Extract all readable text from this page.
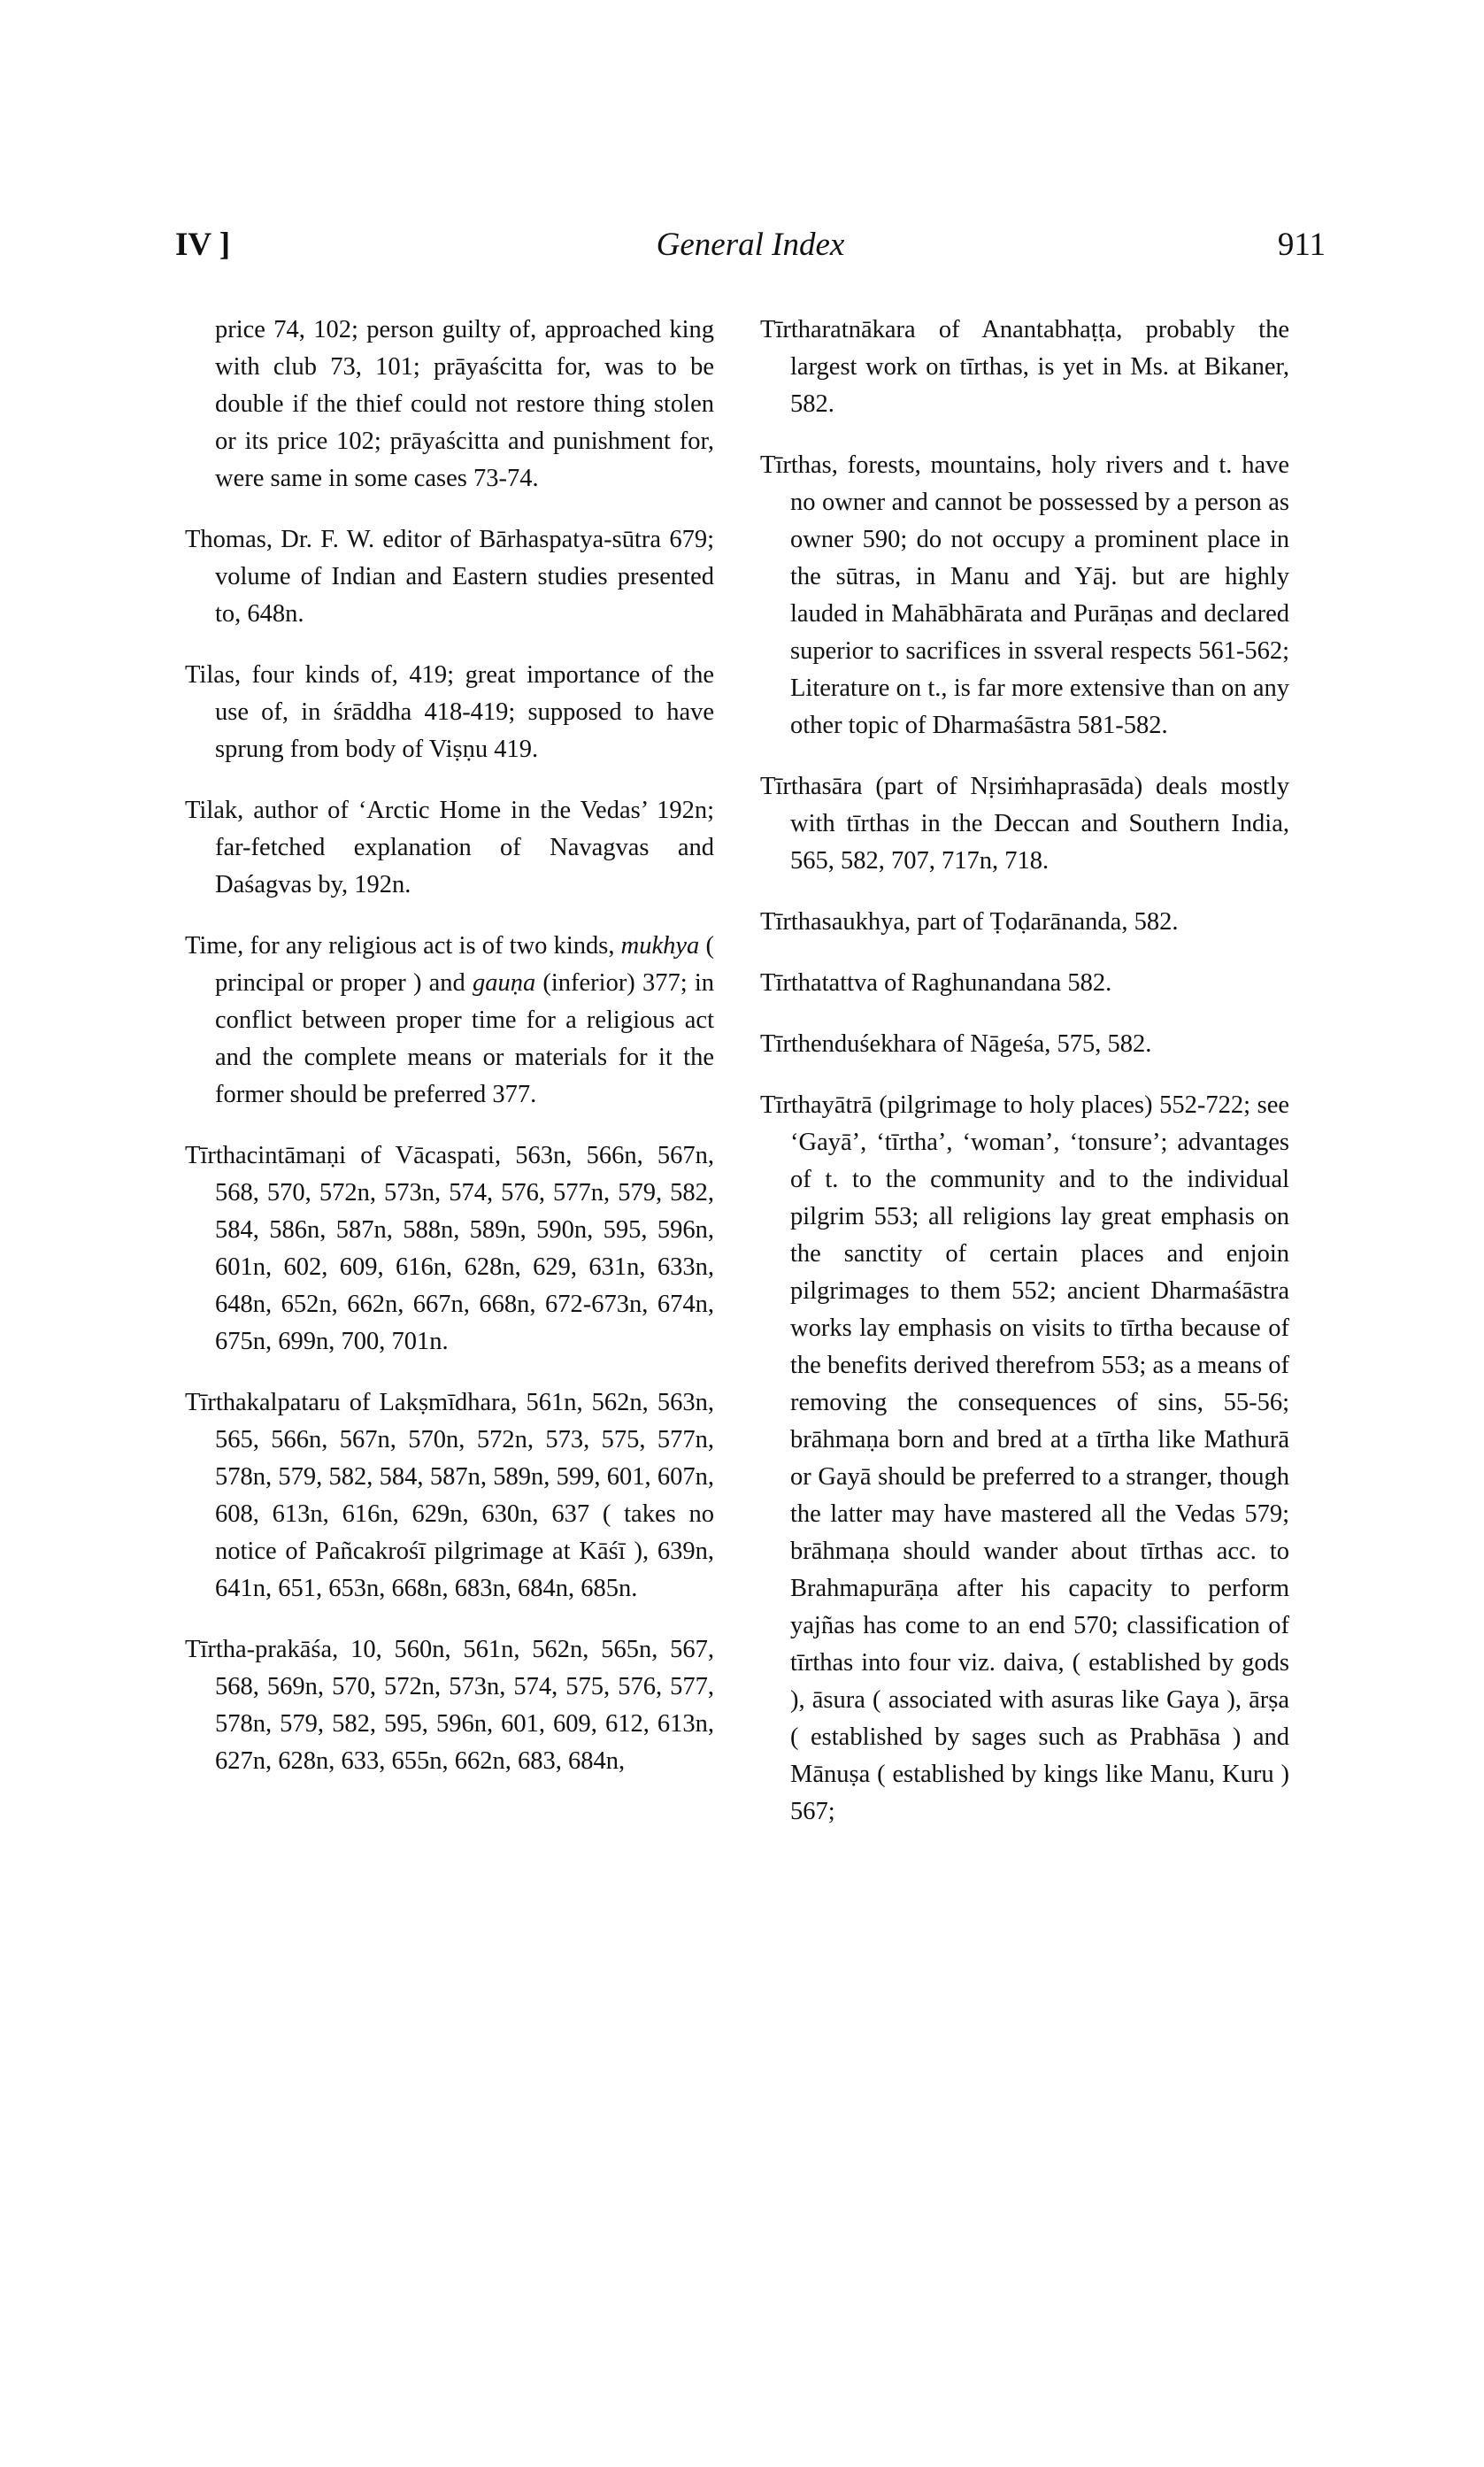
IV ]	General Index	911

price 74, 102; person guilty of, approached king with club 73, 101; prāyaścitta for, was to be double if the thief could not restore thing stolen or its price 102; prāyaścitta and punishment for, were same in some cases 73-74.

Thomas, Dr. F. W. editor of Bārhaspatya-sūtra 679; volume of Indian and Eastern studies presented to, 648n.

Tilas, four kinds of, 419; great importance of the use of, in śrāddha 418-419; supposed to have sprung from body of Viṣṇu 419.

Tilak, author of ‘Arctic Home in the Vedas’ 192n; far-fetched explanation of Navagvas and Daśagvas by, 192n.

Time, for any religious act is of two kinds, mukhya ( principal or proper ) and gauṇa (inferior) 377; in conflict between proper time for a religious act and the complete means or materials for it the former should be preferred 377.

Tīrthacintāmaṇi of Vācaspati, 563n, 566n, 567n, 568, 570, 572n, 573n, 574, 576, 577n, 579, 582, 584, 586n, 587n, 588n, 589n, 590n, 595, 596n, 601n, 602, 609, 616n, 628n, 629, 631n, 633n, 648n, 652n, 662n, 667n, 668n, 672-673n, 674n, 675n, 699n, 700, 701n.

Tīrthakalpataru of Lakṣmīdhara, 561n, 562n, 563n, 565, 566n, 567n, 570n, 572n, 573, 575, 577n, 578n, 579, 582, 584, 587n, 589n, 599, 601, 607n, 608, 613n, 616n, 629n, 630n, 637 ( takes no notice of Pañcakrośī pilgrimage at Kāśī ), 639n, 641n, 651, 653n, 668n, 683n, 684n, 685n.

Tīrtha-prakāśa, 10, 560n, 561n, 562n, 565n, 567, 568, 569n, 570, 572n, 573n, 574, 575, 576, 577, 578n, 579, 582, 595, 596n, 601, 609, 612, 613n, 627n, 628n, 633, 655n, 662n, 683, 684n,

Tīrtharatnākara of Anantabhaṭṭa, probably the largest work on tīrthas, is yet in Ms. at Bikaner, 582.

Tīrthas, forests, mountains, holy rivers and t. have no owner and cannot be possessed by a person as owner 590; do not occupy a prominent place in the sūtras, in Manu and Yāj. but are highly lauded in Mahābhārata and Purāṇas and declared superior to sacrifices in ssveral respects 561-562; Literature on t., is far more extensive than on any other topic of Dharmaśāstra 581-582.

Tīrthasāra (part of Nṛsiṁhaprasāda) deals mostly with tīrthas in the Deccan and Southern India, 565, 582, 707, 717n, 718.

Tīrthasaukhya, part of Ṭoḍarānanda, 582.

Tīrthatattva of Raghunandana 582.

Tīrthenduśekhara of Nāgeśa, 575, 582.

Tīrthayātrā (pilgrimage to holy places) 552-722; see ‘Gayā’, ‘tīrtha’, ‘woman’, ‘tonsure’; advantages of t. to the community and to the individual pilgrim 553; all religions lay great emphasis on the sanctity of certain places and enjoin pilgrimages to them 552; ancient Dharmaśāstra works lay emphasis on visits to tīrtha because of the benefits derived therefrom 553; as a means of removing the consequences of sins, 55-56; brāhmaṇa born and bred at a tīrtha like Mathurā or Gayā should be preferred to a stranger, though the latter may have mastered all the Vedas 579; brāhmaṇa should wander about tīrthas acc. to Brahmapurāṇa after his capacity to perform yajñas has come to an end 570; classification of tīrthas into four viz. daiva, ( established by gods ), āsura ( associated with asuras like Gaya ), ārṣa ( established by sages such as Prabhāsa ) and Mānuṣa ( established by kings like Manu, Kuru ) 567;
